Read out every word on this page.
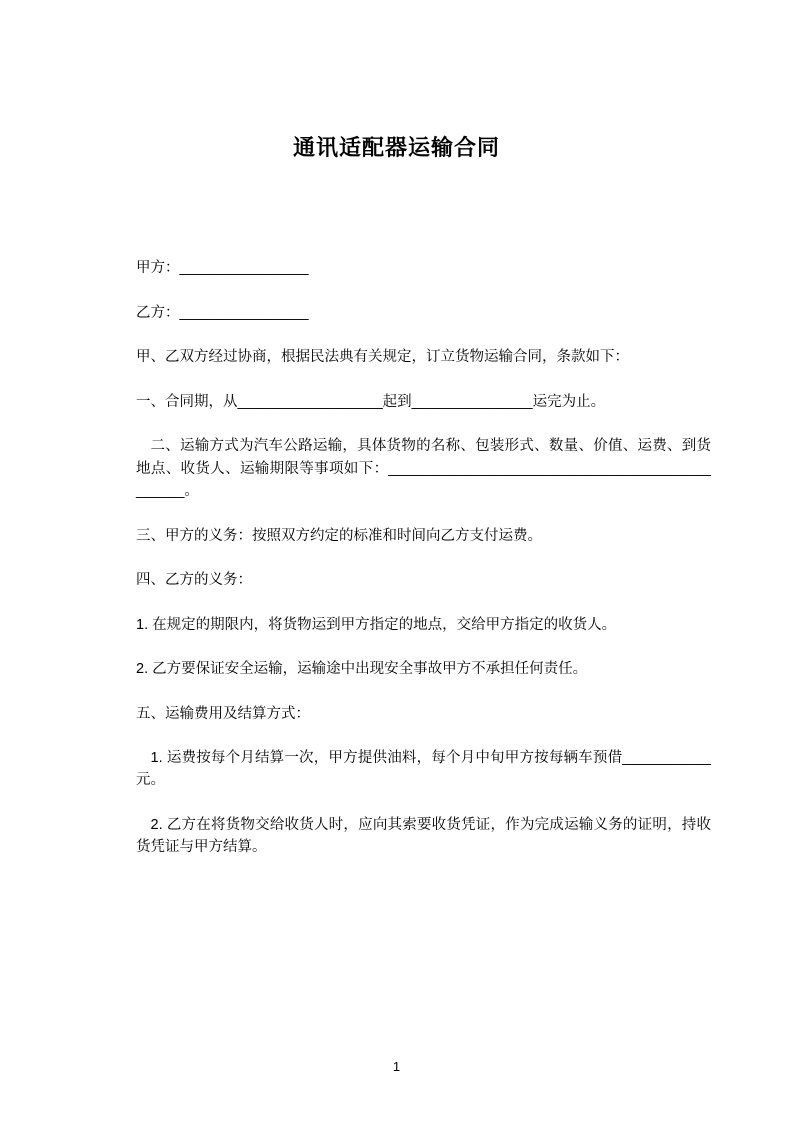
通讯适配器运输合同

甲方：________________

乙方：________________

甲、乙双方经过协商，根据民法典有关规定，订立货物运输合同，条款如下：

一、合同期，从__________________起到_______________运完为止。

二、运输方式为汽车公路运输，具体货物的名称、包装形式、数量、价值、运费、到货地点、收货人、运输期限等事项如下：______________________________________________。

三、甲方的义务：按照双方约定的标准和时间向乙方支付运费。

四、乙方的义务：

1. 在规定的期限内，将货物运到甲方指定的地点，交给甲方指定的收货人。

2. 乙方要保证安全运输，运输途中出现安全事故甲方不承担任何责任。

五、运输费用及结算方式：

1. 运费按每个月结算一次，甲方提供油料，每个月中旬甲方按每辆车预借___________元。

2. 乙方在将货物交给收货人时，应向其索要收货凭证，作为完成运输义务的证明，持收货凭证与甲方结算。

1
